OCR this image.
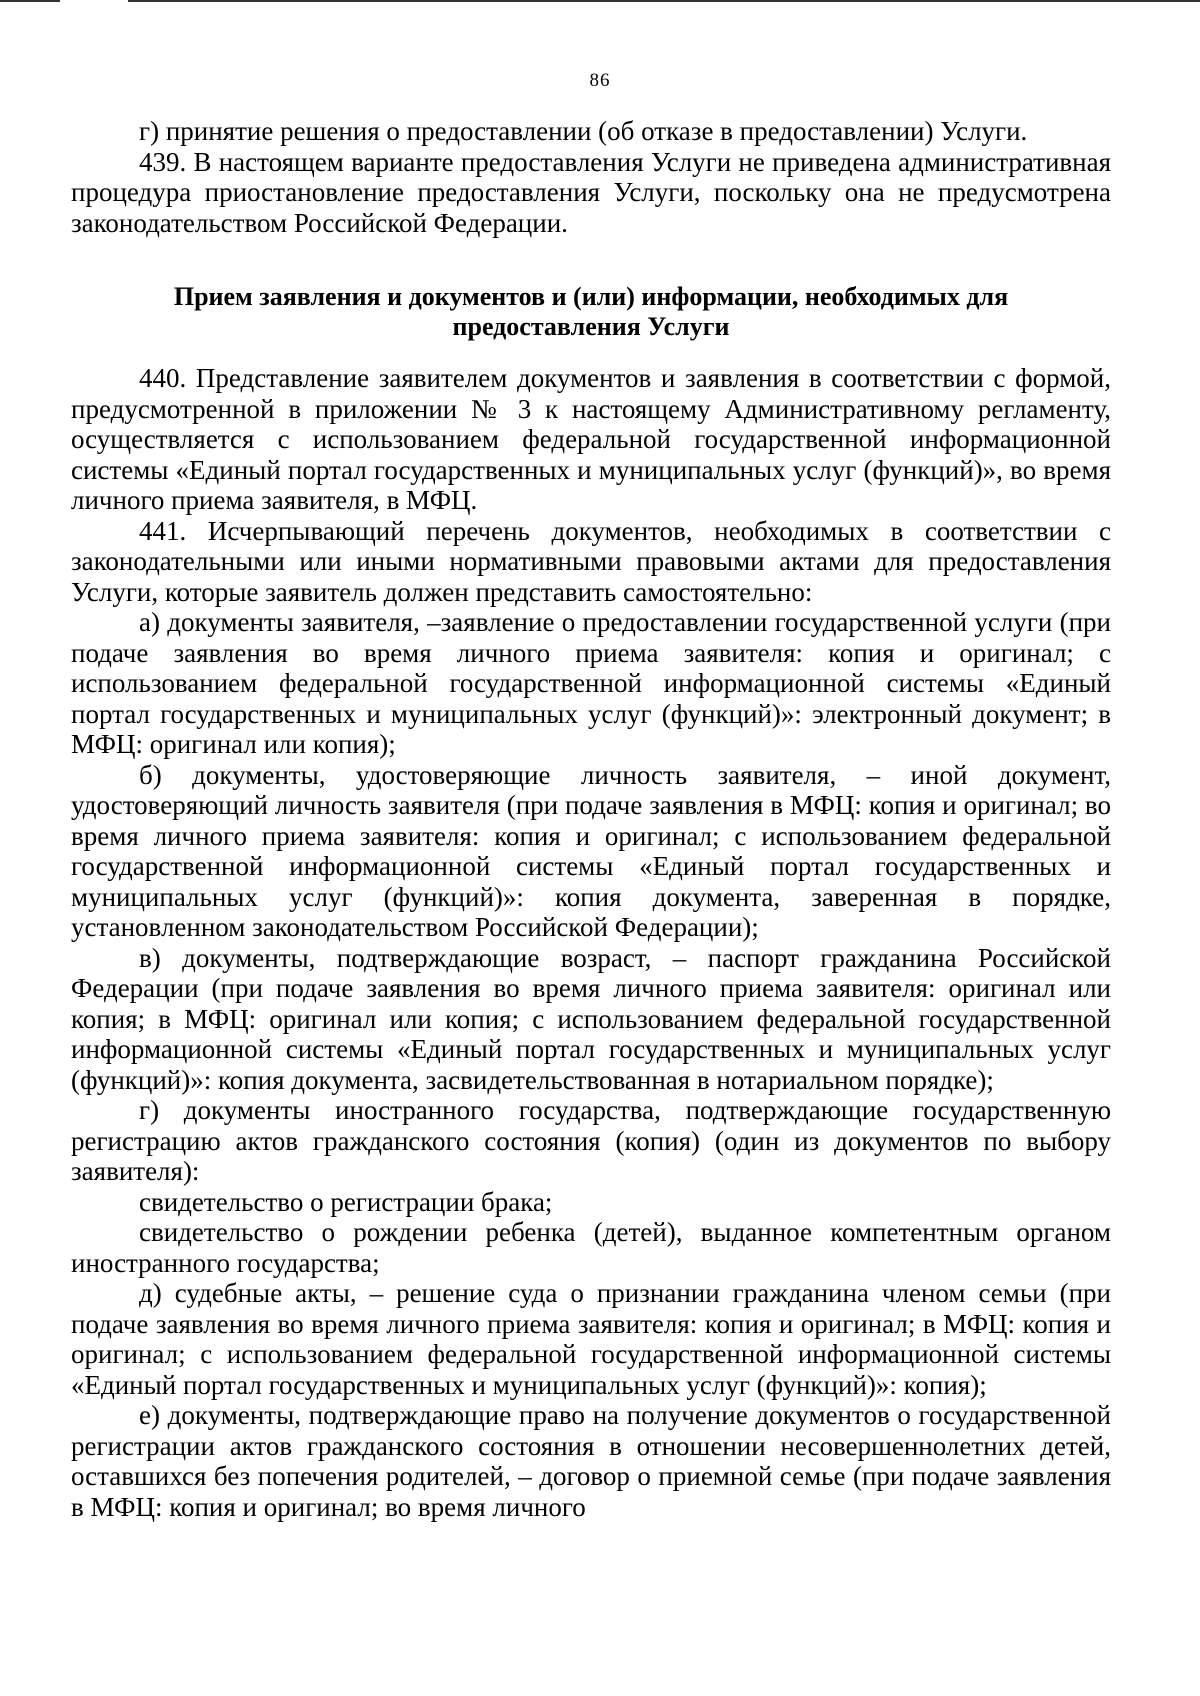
86

г) принятие решения о предоставлении (об отказе в предоставлении) Услуги.

439. В настоящем варианте предоставления Услуги не приведена административная процедура приостановление предоставления Услуги, поскольку она не предусмотрена законодательством Российской Федерации.

Прием заявления и документов и (или) информации, необходимых для
предоставления Услуги

440. Представление заявителем документов и заявления в соответствии с формой, предусмотренной в приложении № 3 к настоящему Административному регламенту, осуществляется с использованием федеральной государственной информационной системы «Единый портал государственных и муниципальных услуг (функций)», во время личного приема заявителя, в МФЦ.

441. Исчерпывающий перечень документов, необходимых в соответствии с законодательными или иными нормативными правовыми актами для предоставления Услуги, которые заявитель должен представить самостоятельно:

а) документы заявителя, –заявление о предоставлении государственной услуги (при подаче заявления во время личного приема заявителя: копия и оригинал; с использованием федеральной государственной информационной системы «Единый портал государственных и муниципальных услуг (функций)»: электронный документ; в МФЦ: оригинал или копия);

б) документы, удостоверяющие личность заявителя, – иной документ, удостоверяющий личность заявителя (при подаче заявления в МФЦ: копия и оригинал; во время личного приема заявителя: копия и оригинал; с использованием федеральной государственной информационной системы «Единый портал государственных и муниципальных услуг (функций)»: копия документа, заверенная в порядке, установленном законодательством Российской Федерации);

в) документы, подтверждающие возраст, – паспорт гражданина Российской Федерации (при подаче заявления во время личного приема заявителя: оригинал или копия; в МФЦ: оригинал или копия; с использованием федеральной государственной информационной системы «Единый портал государственных и муниципальных услуг (функций)»: копия документа, засвидетельствованная в нотариальном порядке);

г) документы иностранного государства, подтверждающие государственную регистрацию актов гражданского состояния (копия) (один из документов по выбору заявителя):

свидетельство о регистрации брака;

свидетельство о рождении ребенка (детей), выданное компетентным органом иностранного государства;

д) судебные акты, – решение суда о признании гражданина членом семьи (при подаче заявления во время личного приема заявителя: копия и оригинал; в МФЦ: копия и оригинал; с использованием федеральной государственной информационной системы «Единый портал государственных и муниципальных услуг (функций)»: копия);

е) документы, подтверждающие право на получение документов о государственной регистрации актов гражданского состояния в отношении несовершеннолетних детей, оставшихся без попечения родителей, – договор о приемной семье (при подаче заявления в МФЦ: копия и оригинал; во время личного
